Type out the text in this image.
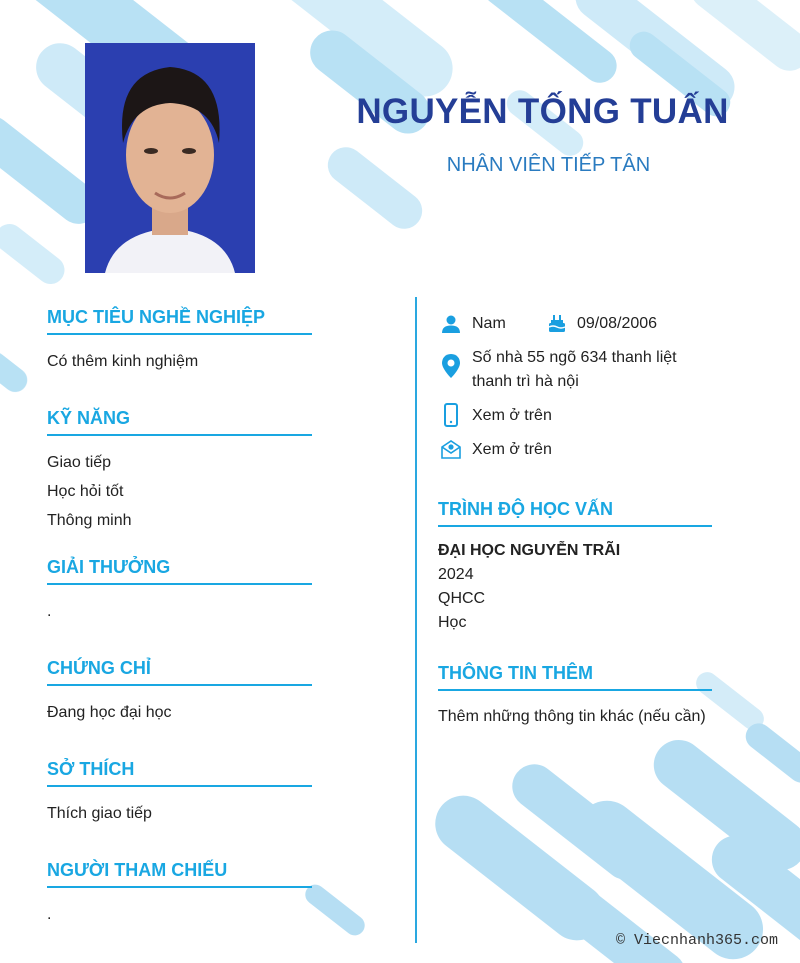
NGUYỄN TỐNG TUẤN
NHÂN VIÊN TIẾP TÂN
MỤC TIÊU NGHỀ NGHIỆP
Có thêm kinh nghiệm
KỸ NĂNG
Giao tiếp
Học hỏi tốt
Thông minh
GIẢI THƯỞNG
.
CHỨNG CHỈ
Đang học đại học
SỞ THÍCH
Thích giao tiếp
NGƯỜI THAM CHIẾU
.
Nam	09/08/2006
Số nhà 55 ngõ 634 thanh liệt
thanh trì hà nội
Xem ở trên
Xem ở trên
TRÌNH ĐỘ HỌC VẤN
ĐẠI HỌC NGUYỄN TRÃI
2024
QHCC
Học
THÔNG TIN THÊM
Thêm những thông tin khác (nếu cần)
© Viecnhanh365.com
